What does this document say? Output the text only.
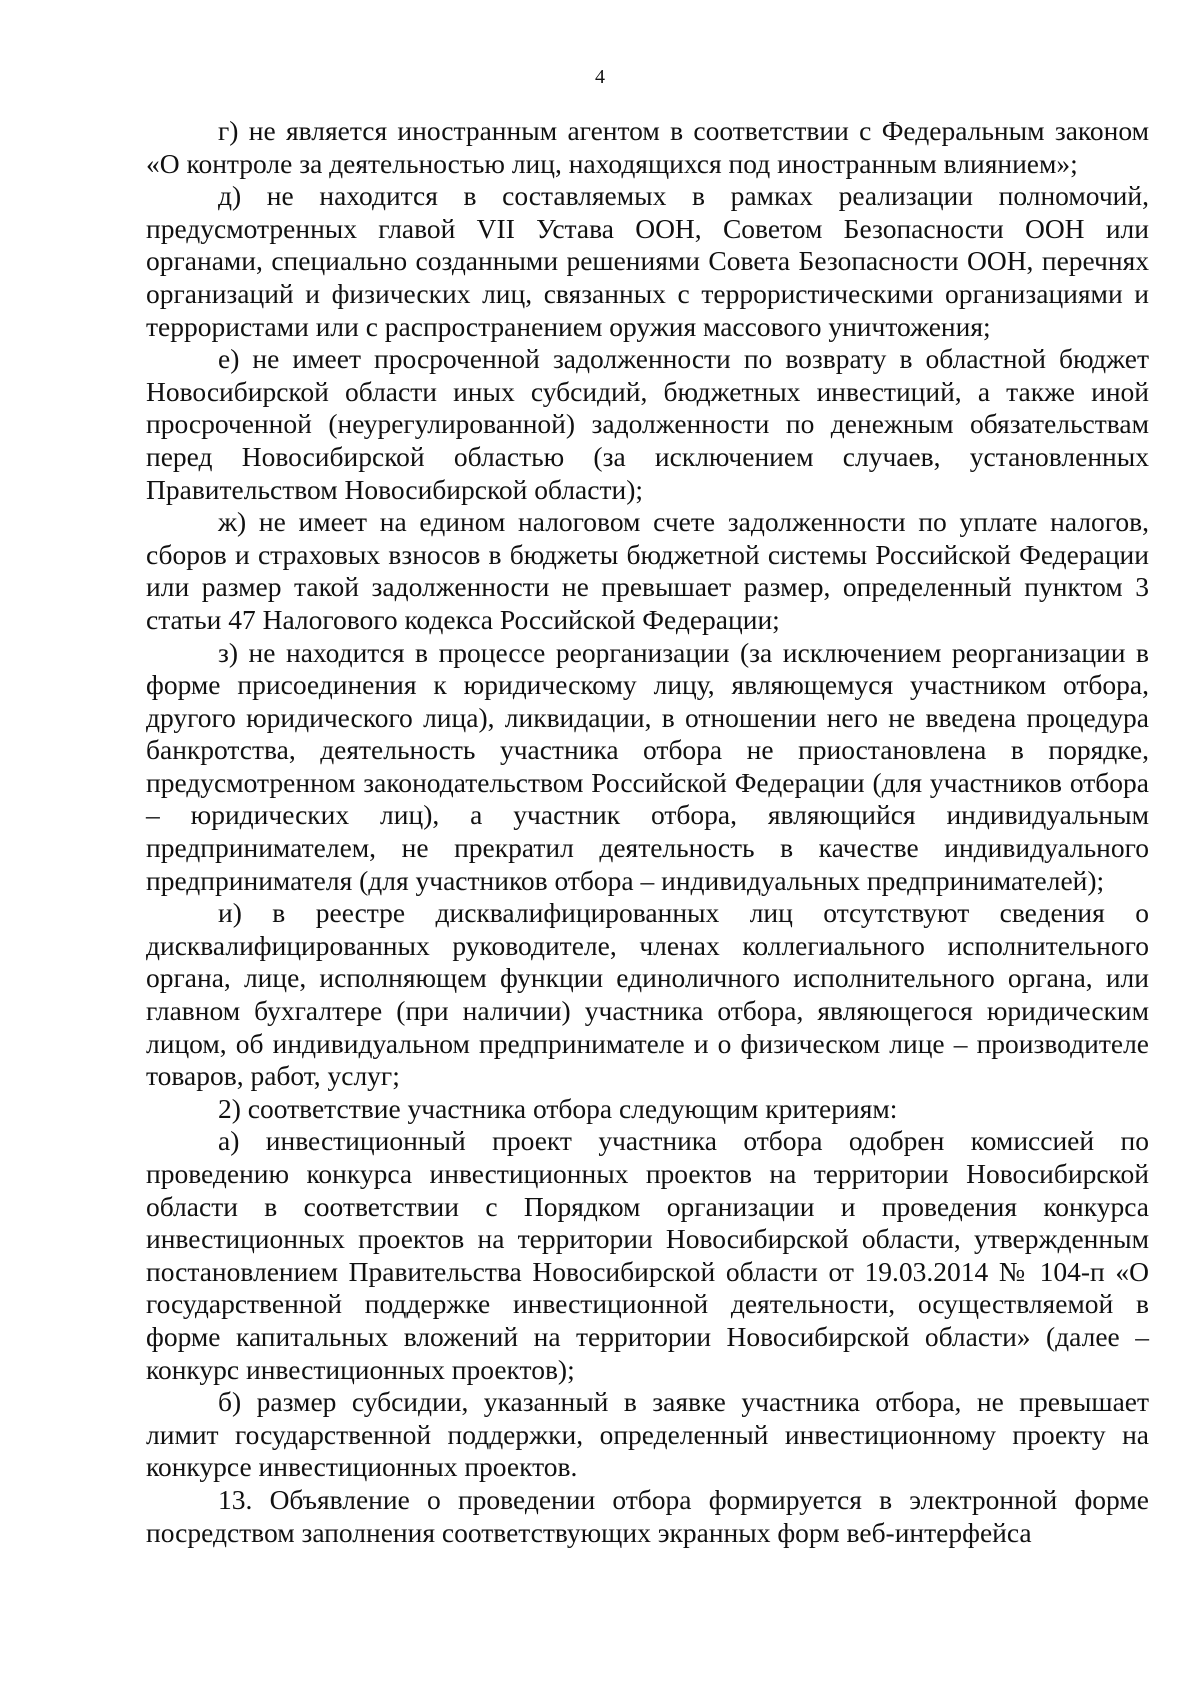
4

г) не является иностранным агентом в соответствии с Федеральным законом «О контроле за деятельностью лиц, находящихся под иностранным влиянием»;

д) не находится в составляемых в рамках реализации полномочий, предусмотренных главой VII Устава ООН, Советом Безопасности ООН или органами, специально созданными решениями Совета Безопасности ООН, перечнях организаций и физических лиц, связанных с террористическими организациями и террористами или с распространением оружия массового уничтожения;

е) не имеет просроченной задолженности по возврату в областной бюджет Новосибирской области иных субсидий, бюджетных инвестиций, а также иной просроченной (неурегулированной) задолженности по денежным обязательствам перед Новосибирской областью (за исключением случаев, установленных Правительством Новосибирской области);

ж) не имеет на едином налоговом счете задолженности по уплате налогов, сборов и страховых взносов в бюджеты бюджетной системы Российской Федерации или размер такой задолженности не превышает размер, определенный пунктом 3 статьи 47 Налогового кодекса Российской Федерации;

з) не находится в процессе реорганизации (за исключением реорганизации в форме присоединения к юридическому лицу, являющемуся участником отбора, другого юридического лица), ликвидации, в отношении него не введена процедура банкротства, деятельность участника отбора не приостановлена в порядке, предусмотренном законодательством Российской Федерации (для участников отбора – юридических лиц), а участник отбора, являющийся индивидуальным предпринимателем, не прекратил деятельность в качестве индивидуального предпринимателя (для участников отбора – индивидуальных предпринимателей);

и) в реестре дисквалифицированных лиц отсутствуют сведения о дисквалифицированных руководителе, членах коллегиального исполнительного органа, лице, исполняющем функции единоличного исполнительного органа, или главном бухгалтере (при наличии) участника отбора, являющегося юридическим лицом, об индивидуальном предпринимателе и о физическом лице – производителе товаров, работ, услуг;

2) соответствие участника отбора следующим критериям:

а) инвестиционный проект участника отбора одобрен комиссией по проведению конкурса инвестиционных проектов на территории Новосибирской области в соответствии с Порядком организации и проведения конкурса инвестиционных проектов на территории Новосибирской области, утвержденным постановлением Правительства Новосибирской области от 19.03.2014 № 104-п «О государственной поддержке инвестиционной деятельности, осуществляемой в форме капитальных вложений на территории Новосибирской области» (далее – конкурс инвестиционных проектов);

б) размер субсидии, указанный в заявке участника отбора, не превышает лимит государственной поддержки, определенный инвестиционному проекту на конкурсе инвестиционных проектов.

13. Объявление о проведении отбора формируется в электронной форме посредством заполнения соответствующих экранных форм веб-интерфейса
